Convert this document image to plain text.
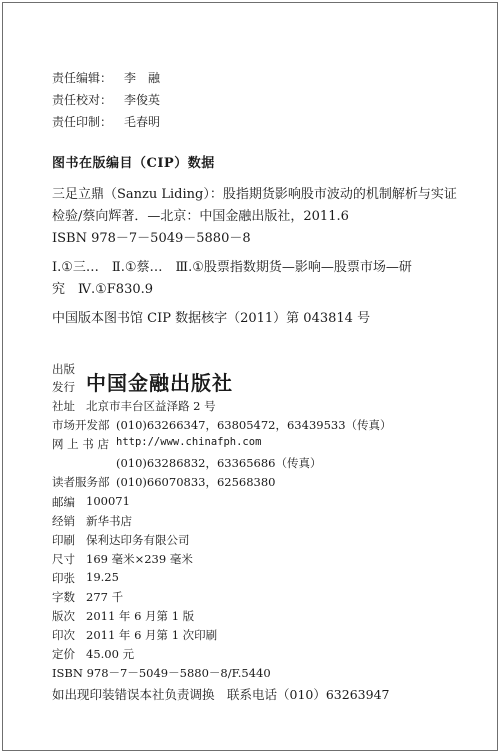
责任编辑： 李　融
责任校对： 李俊英
责任印制： 毛春明
图书在版编目（CIP）数据
三足立鼎（Sanzu Liding）：股指期货影响股市波动的机制解析与实证
检验/蔡向辉著．—北京：中国金融出版社，2011.6
ISBN 978－7－5049－5880－8
Ⅰ.①三…　Ⅱ.①蔡…　Ⅲ.①股票指数期货—影响—股票市场—研
究　Ⅳ.①F830.9
中国版本图书馆 CIP 数据核字（2011）第 043814 号
出版
发行 中国金融出版社
社址 北京市丰台区益泽路 2 号
市场开发部 (010)63266347，63805472，63439533（传真）
网 上 书 店 http://www.chinafph.com
(010)63286832，63365686（传真）
读者服务部 (010)66070833，62568380
邮编 100071
经销 新华书店
印刷 保利达印务有限公司
尺寸 169 毫米×239 毫米
印张 19.25
字数 277 千
版次 2011 年 6 月第 1 版
印次 2011 年 6 月第 1 次印刷
定价 45.00 元
ISBN 978－7－5049－5880－8/F.5440
如出现印装错误本社负责调换　联系电话（010）63263947
